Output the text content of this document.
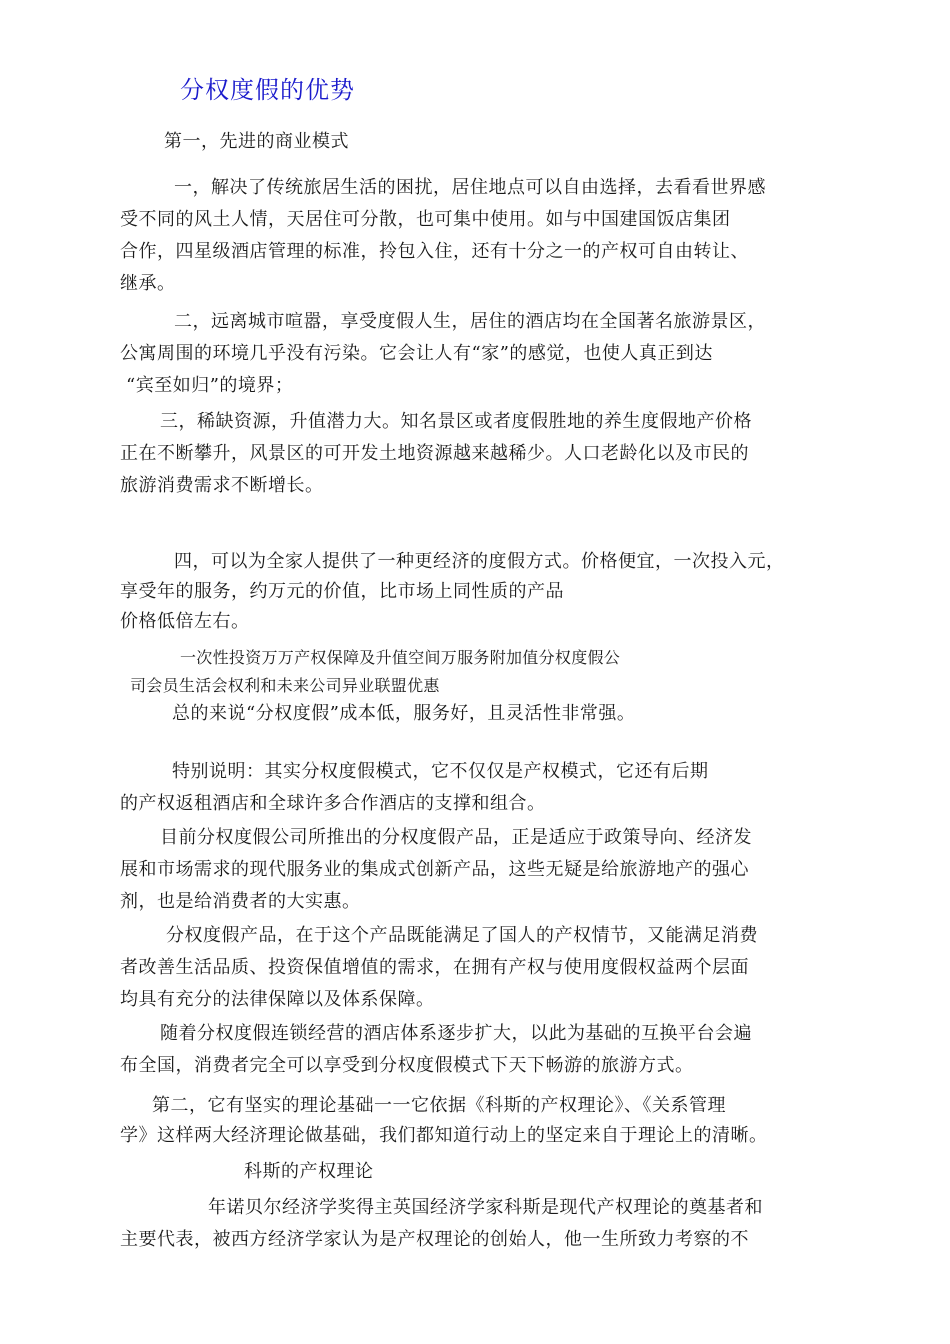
分权度假的优势
第一，先进的商业模式
一，解决了传统旅居生活的困扰，居住地点可以自由选择，去看看世界感
受不同的风土人情，天居住可分散，也可集中使用。如与中国建国饭店集团
合作，四星级酒店管理的标准，拎包入住，还有十分之一的产权可自由转让、
继承。
二，远离城市喧嚣，享受度假人生，居住的酒店均在全国著名旅游景区，
公寓周围的环境几乎没有污染。它会让人有“家”的感觉，也使人真正到达
“宾至如归”的境界；
三，稀缺资源，升值潜力大。知名景区或者度假胜地的养生度假地产价格
正在不断攀升，风景区的可开发土地资源越来越稀少。人口老龄化以及市民的
旅游消费需求不断增长。
四，可以为全家人提供了一种更经济的度假方式。价格便宜，一次投入元，
享受年的服务，约万元的价值，比市场上同性质的产品
价格低倍左右。
一次性投资万万产权保障及升值空间万服务附加值分权度假公
司会员生活会权利和未来公司异业联盟优惠
总的来说“分权度假”成本低，服务好，且灵活性非常强。
特别说明：其实分权度假模式，它不仅仅是产权模式，它还有后期
的产权返租酒店和全球许多合作酒店的支撑和组合。
目前分权度假公司所推出的分权度假产品，正是适应于政策导向、经济发
展和市场需求的现代服务业的集成式创新产品，这些无疑是给旅游地产的强心
剂，也是给消费者的大实惠。
分权度假产品，在于这个产品既能满足了国人的产权情节，又能满足消费
者改善生活品质、投资保值增值的需求，在拥有产权与使用度假权益两个层面
均具有充分的法律保障以及体系保障。
随着分权度假连锁经营的酒店体系逐步扩大，以此为基础的互换平台会遍
布全国，消费者完全可以享受到分权度假模式下天下畅游的旅游方式。
第二，它有坚实的理论基础一一它依据《科斯的产权理论》、《关系管理
学》这样两大经济理论做基础，我们都知道行动上的坚定来自于理论上的清晰。
科斯的产权理论
年诺贝尔经济学奖得主英国经济学家科斯是现代产权理论的奠基者和
主要代表，被西方经济学家认为是产权理论的创始人，他一生所致力考察的不
